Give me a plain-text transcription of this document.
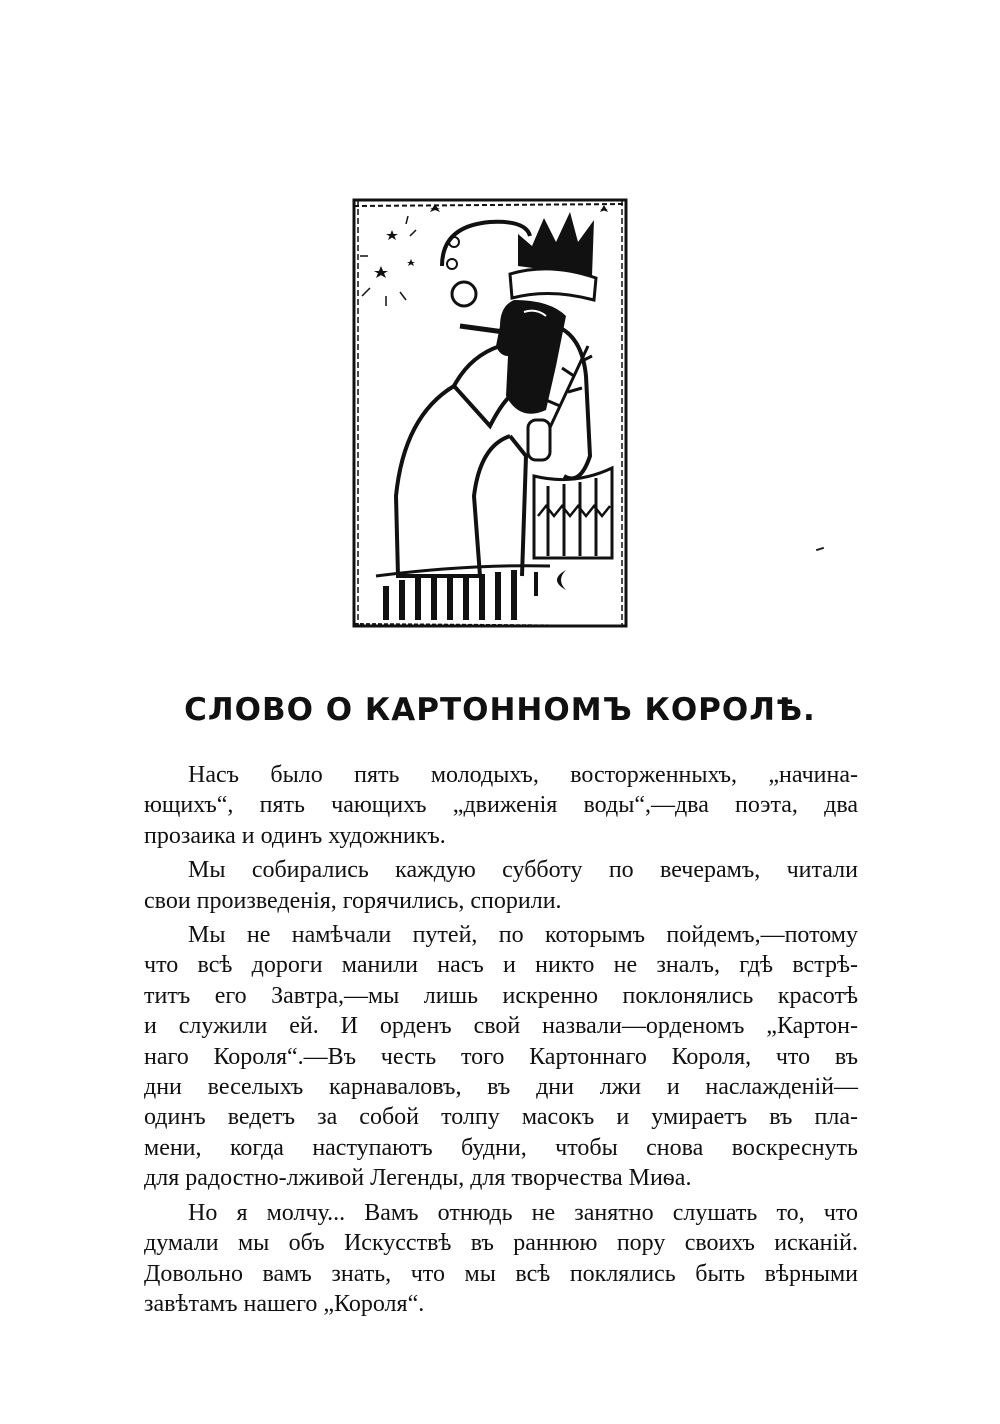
СЛОВО О КАРТОННОМЪ КОРОЛѢ.

Насъ было пять молодыхъ, восторженныхъ, „начина-
ющихъ“, пять чающихъ „движенія воды“,—два поэта, два
прозаика и одинъ художникъ.

Мы собирались каждую субботу по вечерамъ, читали
свои произведенія, горячились, спорили.

Мы не намѣчали путей, по которымъ пойдемъ,—потому
что всѣ дороги манили насъ и никто не зналъ, гдѣ встрѣ-
титъ его Завтра,—мы лишь искренно поклонялись красотѣ
и служили ей. И орденъ свой назвали—орденомъ „Картон-
наго Короля“.—Въ честь того Картоннаго Короля, что въ
дни веселыхъ карнаваловъ, въ дни лжи и наслажденій—
одинъ ведетъ за собой толпу масокъ и умираетъ въ пла-
мени, когда наступаютъ будни, чтобы снова воскреснуть
для радостно-лживой Легенды, для творчества Миѳа.

Но я молчу... Вамъ отнюдь не занятно слушать то, что
думали мы объ Искусствѣ въ раннюю пору своихъ исканій.
Довольно вамъ знать, что мы всѣ поклялись быть вѣрными
завѣтамъ нашего „Короля“.
